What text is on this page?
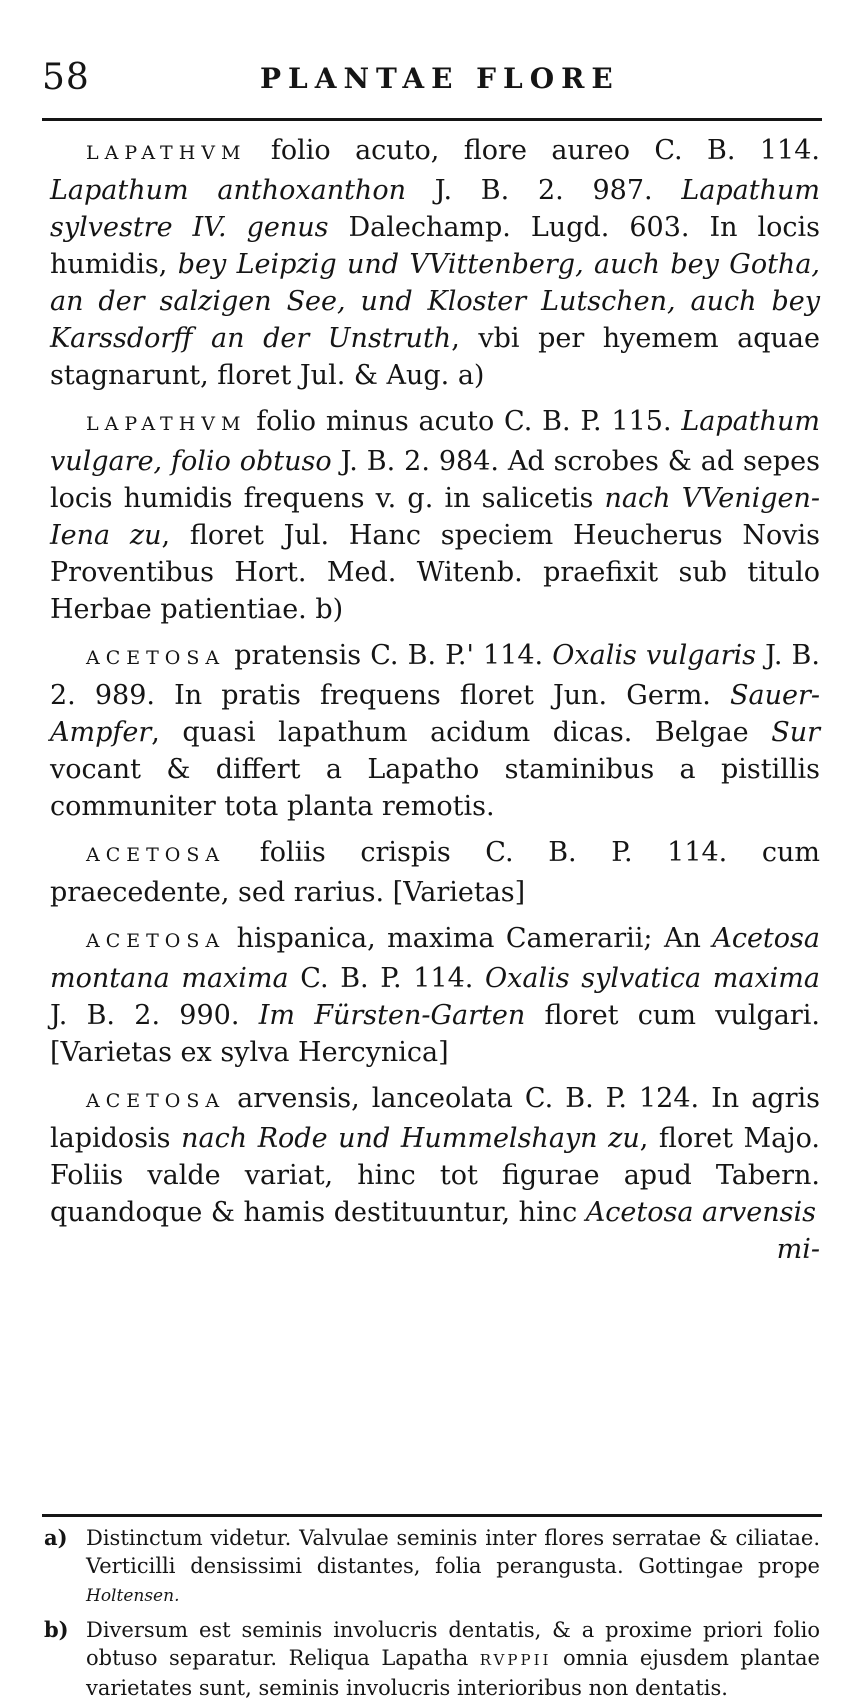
58	PLANTAE FLORE

LAPATHVM folio acuto, flore aureo C. B. 114. Lapathum anthoxanthon J. B. 2. 987. Lapathum sylvestre IV. genus Dalechamp. Lugd. 603. In locis humidis, bey Leipzig und VVittenberg, auch bey Gotha, an der salzigen See, und Kloster Lutschen, auch bey Karssdorff an der Unstruth, vbi per hyemem aquae stagnarunt, floret Jul. & Aug. a)

LAPATHVM folio minus acuto C. B. P. 115. Lapathum vulgare, folio obtuso J. B. 2. 984. Ad scrobes & ad sepes locis humidis frequens v. g. in salicetis nach VVenigen-Iena zu, floret Jul. Hanc speciem Heucherus Novis Proventibus Hort. Med. Witenb. praefixit sub titulo Herbae patientiae. b)

ACETOSA pratensis C. B. P.' 114. Oxalis vulgaris J. B. 2. 989. In pratis frequens floret Jun. Germ. Sauer-Ampfer, quasi lapathum acidum dicas. Belgae Sur vocant & differt a Lapatho staminibus a pistillis communiter tota planta remotis.

ACETOSA foliis crispis C. B. P. 114. cum praecedente, sed rarius. [Varietas]

ACETOSA hispanica, maxima Camerarii; An Acetosa montana maxima C. B. P. 114. Oxalis sylvatica maxima J. B. 2. 990. Im Fürsten-Garten floret cum vulgari. [Varietas ex sylva Hercynica]

ACETOSA arvensis, lanceolata C. B. P. 124. In agris lapidosis nach Rode und Hummelshayn zu, floret Majo. Foliis valde variat, hinc tot figurae apud Tabern. quandoque & hamis destituuntur, hinc Acetosa arvensis
mi-

a) Distinctum videtur. Valvulae seminis inter flores serratae & ciliatae. Verticilli densissimi distantes, folia perangusta. Gottingae prope Holtensen.
b) Diversum est seminis involucris dentatis, & a proxime priori folio obtuso separatur. Reliqua Lapatha RVPPII omnia ejusdem plantae varietates sunt, seminis involucris interioribus non dentatis.
